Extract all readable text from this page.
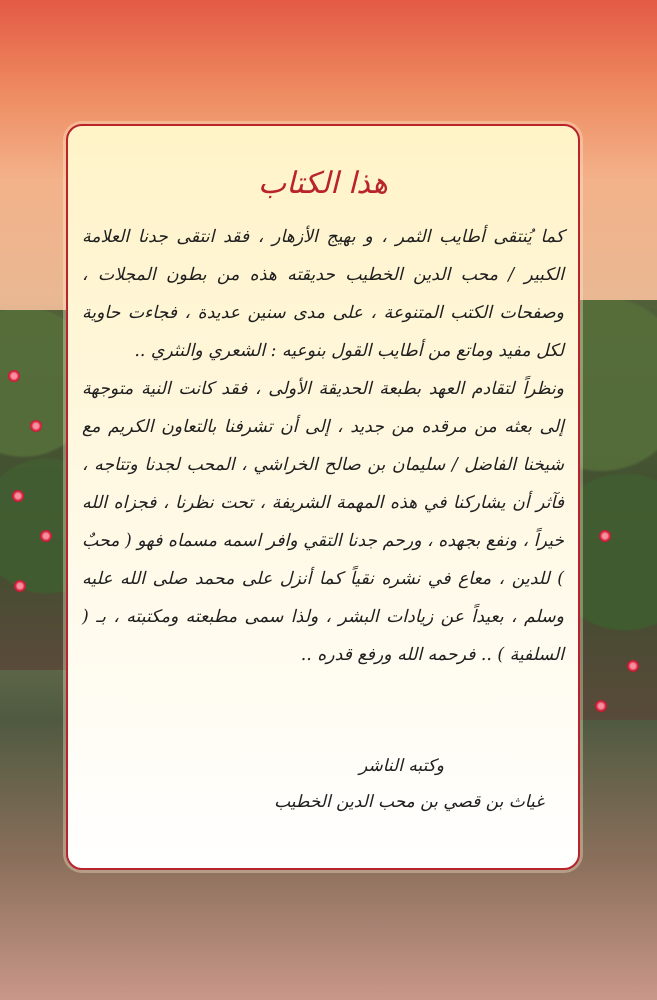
هذا الكتاب

كما يُنتقى أطايب الثمر ، و بهيج الأزهار ، فقد انتقى جدنا العلامة الكبير / محب الدين الخطيب حديقته هذه من بطون المجلات ، وصفحات الكتب المتنوعة ، على مدى سنين عديدة ، فجاءت حاوية لكل مفيد وماتع من أطايب القول بنوعيه : الشعري والنثري ..

ونظراً لتقادم العهد بطبعة الحديقة الأولى ، فقد كانت النية متوجهة إلى بعثه من مرقده من جديد ، إلى أن تشرفنا بالتعاون الكريم مع شيخنا الفاضل / سليمان بن صالح الخراشي ، المحب لجدنا وتتاجه ، فآثر أن يشاركنا في هذه المهمة الشريفة ، تحت نظرنا ، فجزاه الله خيراً ، ونفع بجهده ، ورحم جدنا التقي وافر اسمه مسماه فهو ( محبٌ ) للدين ، معاع في نشره نقياً كما أنزل على محمد صلى الله عليه وسلم ، بعيداً عن زيادات البشر ، ولذا سمى مطبعته ومكتبته ، بـ ( السلفية ) .. فرحمه الله ورفع قدره ..

وكتبه الناشر
غياث بن قصي بن محب الدين الخطيب
